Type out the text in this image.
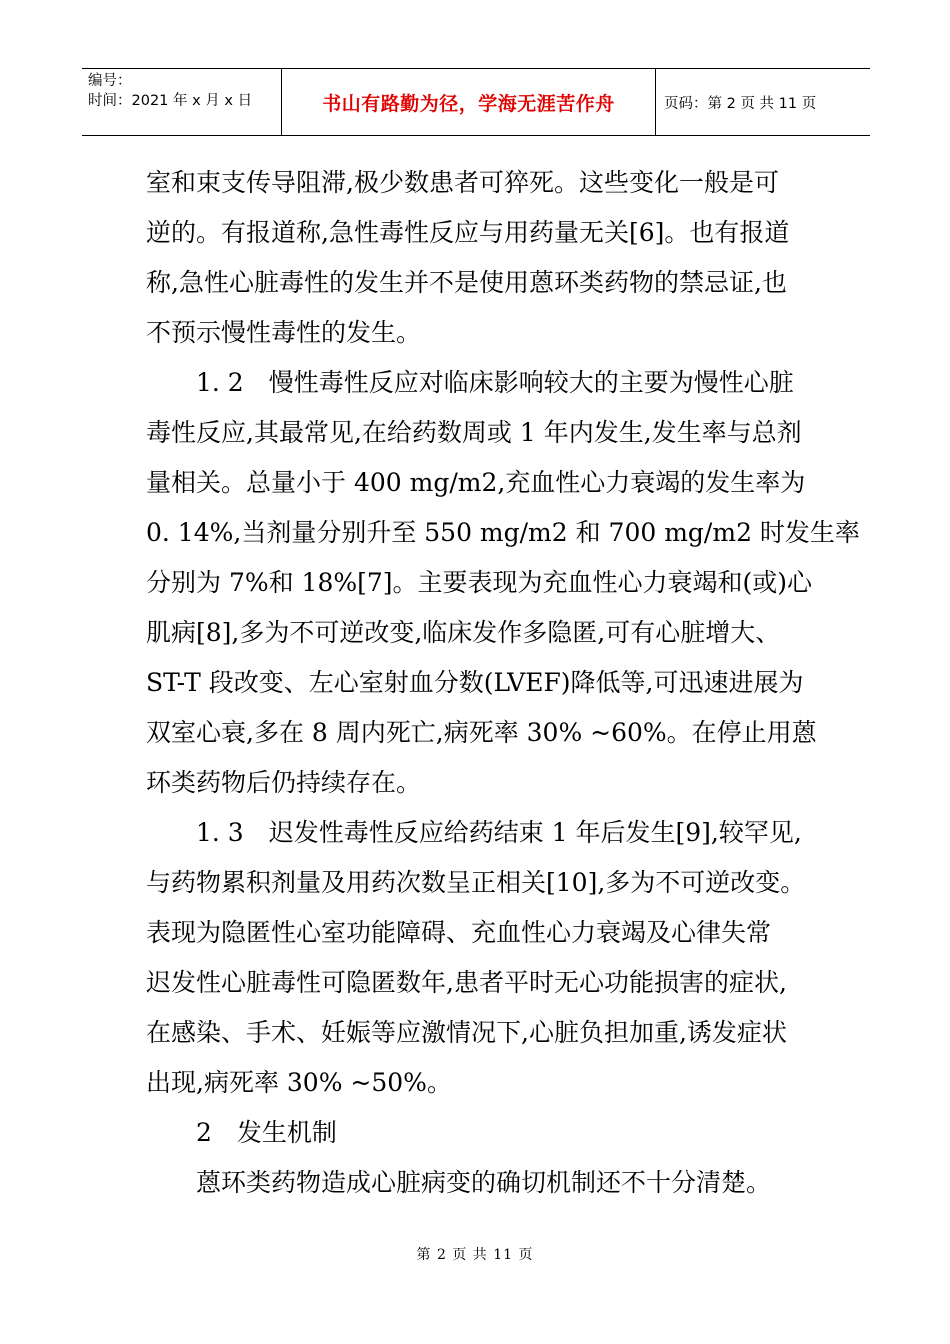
编号：
时间：2021 年 x 月 x 日	书山有路勤为径，学海无涯苦作舟	页码：第 2 页 共 11 页
室和束支传导阻滞,极少数患者可猝死。这些变化一般是可
逆的。有报道称,急性毒性反应与用药量无关[6]。也有报道
称,急性心脏毒性的发生并不是使用蒽环类药物的禁忌证,也
不预示慢性毒性的发生。
1. 2　慢性毒性反应对临床影响较大的主要为慢性心脏
毒性反应,其最常见,在给药数周或 1 年内发生,发生率与总剂
量相关。总量小于 400 mg/m2,充血性心力衰竭的发生率为
0. 14%,当剂量分别升至 550 mg/m2 和 700 mg/m2 时发生率
分别为 7%和 18%[7]。主要表现为充血性心力衰竭和(或)心
肌病[8],多为不可逆改变,临床发作多隐匿,可有心脏增大、
ST-T 段改变、左心室射血分数(LVEF)降低等,可迅速进展为
双室心衰,多在 8 周内死亡,病死率 30% ~60%。在停止用蒽
环类药物后仍持续存在。
1. 3　迟发性毒性反应给药结束 1 年后发生[9],较罕见,
与药物累积剂量及用药次数呈正相关[10],多为不可逆改变。
表现为隐匿性心室功能障碍、充血性心力衰竭及心律失常
迟发性心脏毒性可隐匿数年,患者平时无心功能损害的症状,
在感染、手术、妊娠等应激情况下,心脏负担加重,诱发症状
出现,病死率 30% ~50%。
2　发生机制
蒽环类药物造成心脏病变的确切机制还不十分清楚。
第 2 页 共 11 页
